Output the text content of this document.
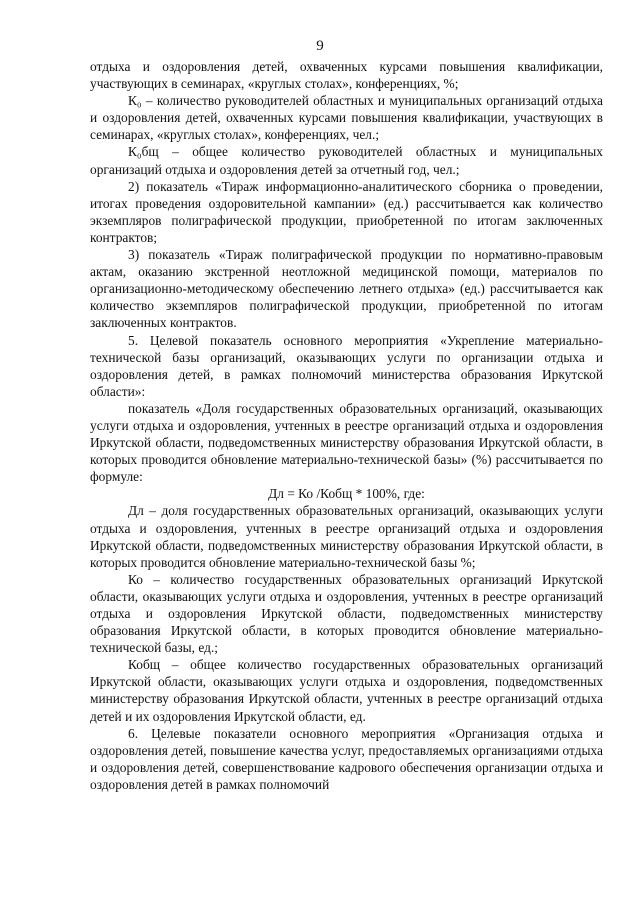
9

отдыха и оздоровления детей, охваченных курсами повышения квалификации, участвующих в семинарах, «круглых столах», конференциях, %;

К₀ – количество руководителей областных и муниципальных организаций отдыха и оздоровления детей, охваченных курсами повышения квалификации, участвующих в семинарах, «круглых столах», конференциях, чел.;

К₀бщ – общее количество руководителей областных и муниципальных организаций отдыха и оздоровления детей за отчетный год, чел.;

2) показатель «Тираж информационно-аналитического сборника о проведении, итогах проведения оздоровительной кампании» (ед.) рассчитывается как количество экземпляров полиграфической продукции, приобретенной по итогам заключенных контрактов;

3) показатель «Тираж полиграфической продукции по нормативно-правовым актам, оказанию экстренной неотложной медицинской помощи, материалов по организационно-методическому обеспечению летнего отдыха» (ед.) рассчитывается как количество экземпляров полиграфической продукции, приобретенной по итогам заключенных контрактов.

5. Целевой показатель основного мероприятия «Укрепление материально-технической базы организаций, оказывающих услуги по организации отдыха и оздоровления детей, в рамках полномочий министерства образования Иркутской области»:

показатель «Доля государственных образовательных организаций, оказывающих услуги отдыха и оздоровления, учтенных в реестре организаций отдыха и оздоровления Иркутской области, подведомственных министерству образования Иркутской области, в которых проводится обновление материально-технической базы» (%) рассчитывается по формуле:

Дл = Ко /Кобщ * 100%, где:

Дл – доля государственных образовательных организаций, оказывающих услуги отдыха и оздоровления, учтенных в реестре организаций отдыха и оздоровления Иркутской области, подведомственных министерству образования Иркутской области, в которых проводится обновление материально-технической базы %;

Ко – количество государственных образовательных организаций Иркутской области, оказывающих услуги отдыха и оздоровления, учтенных в реестре организаций отдыха и оздоровления Иркутской области, подведомственных министерству образования Иркутской области, в которых проводится обновление материально-технической базы, ед.;

Кобщ – общее количество государственных образовательных организаций Иркутской области, оказывающих услуги отдыха и оздоровления, подведомственных министерству образования Иркутской области, учтенных в реестре организаций отдыха детей и их оздоровления Иркутской области, ед.

6. Целевые показатели основного мероприятия «Организация отдыха и оздоровления детей, повышение качества услуг, предоставляемых организациями отдыха и оздоровления детей, совершенствование кадрового обеспечения организации отдыха и оздоровления детей в рамках полномочий
